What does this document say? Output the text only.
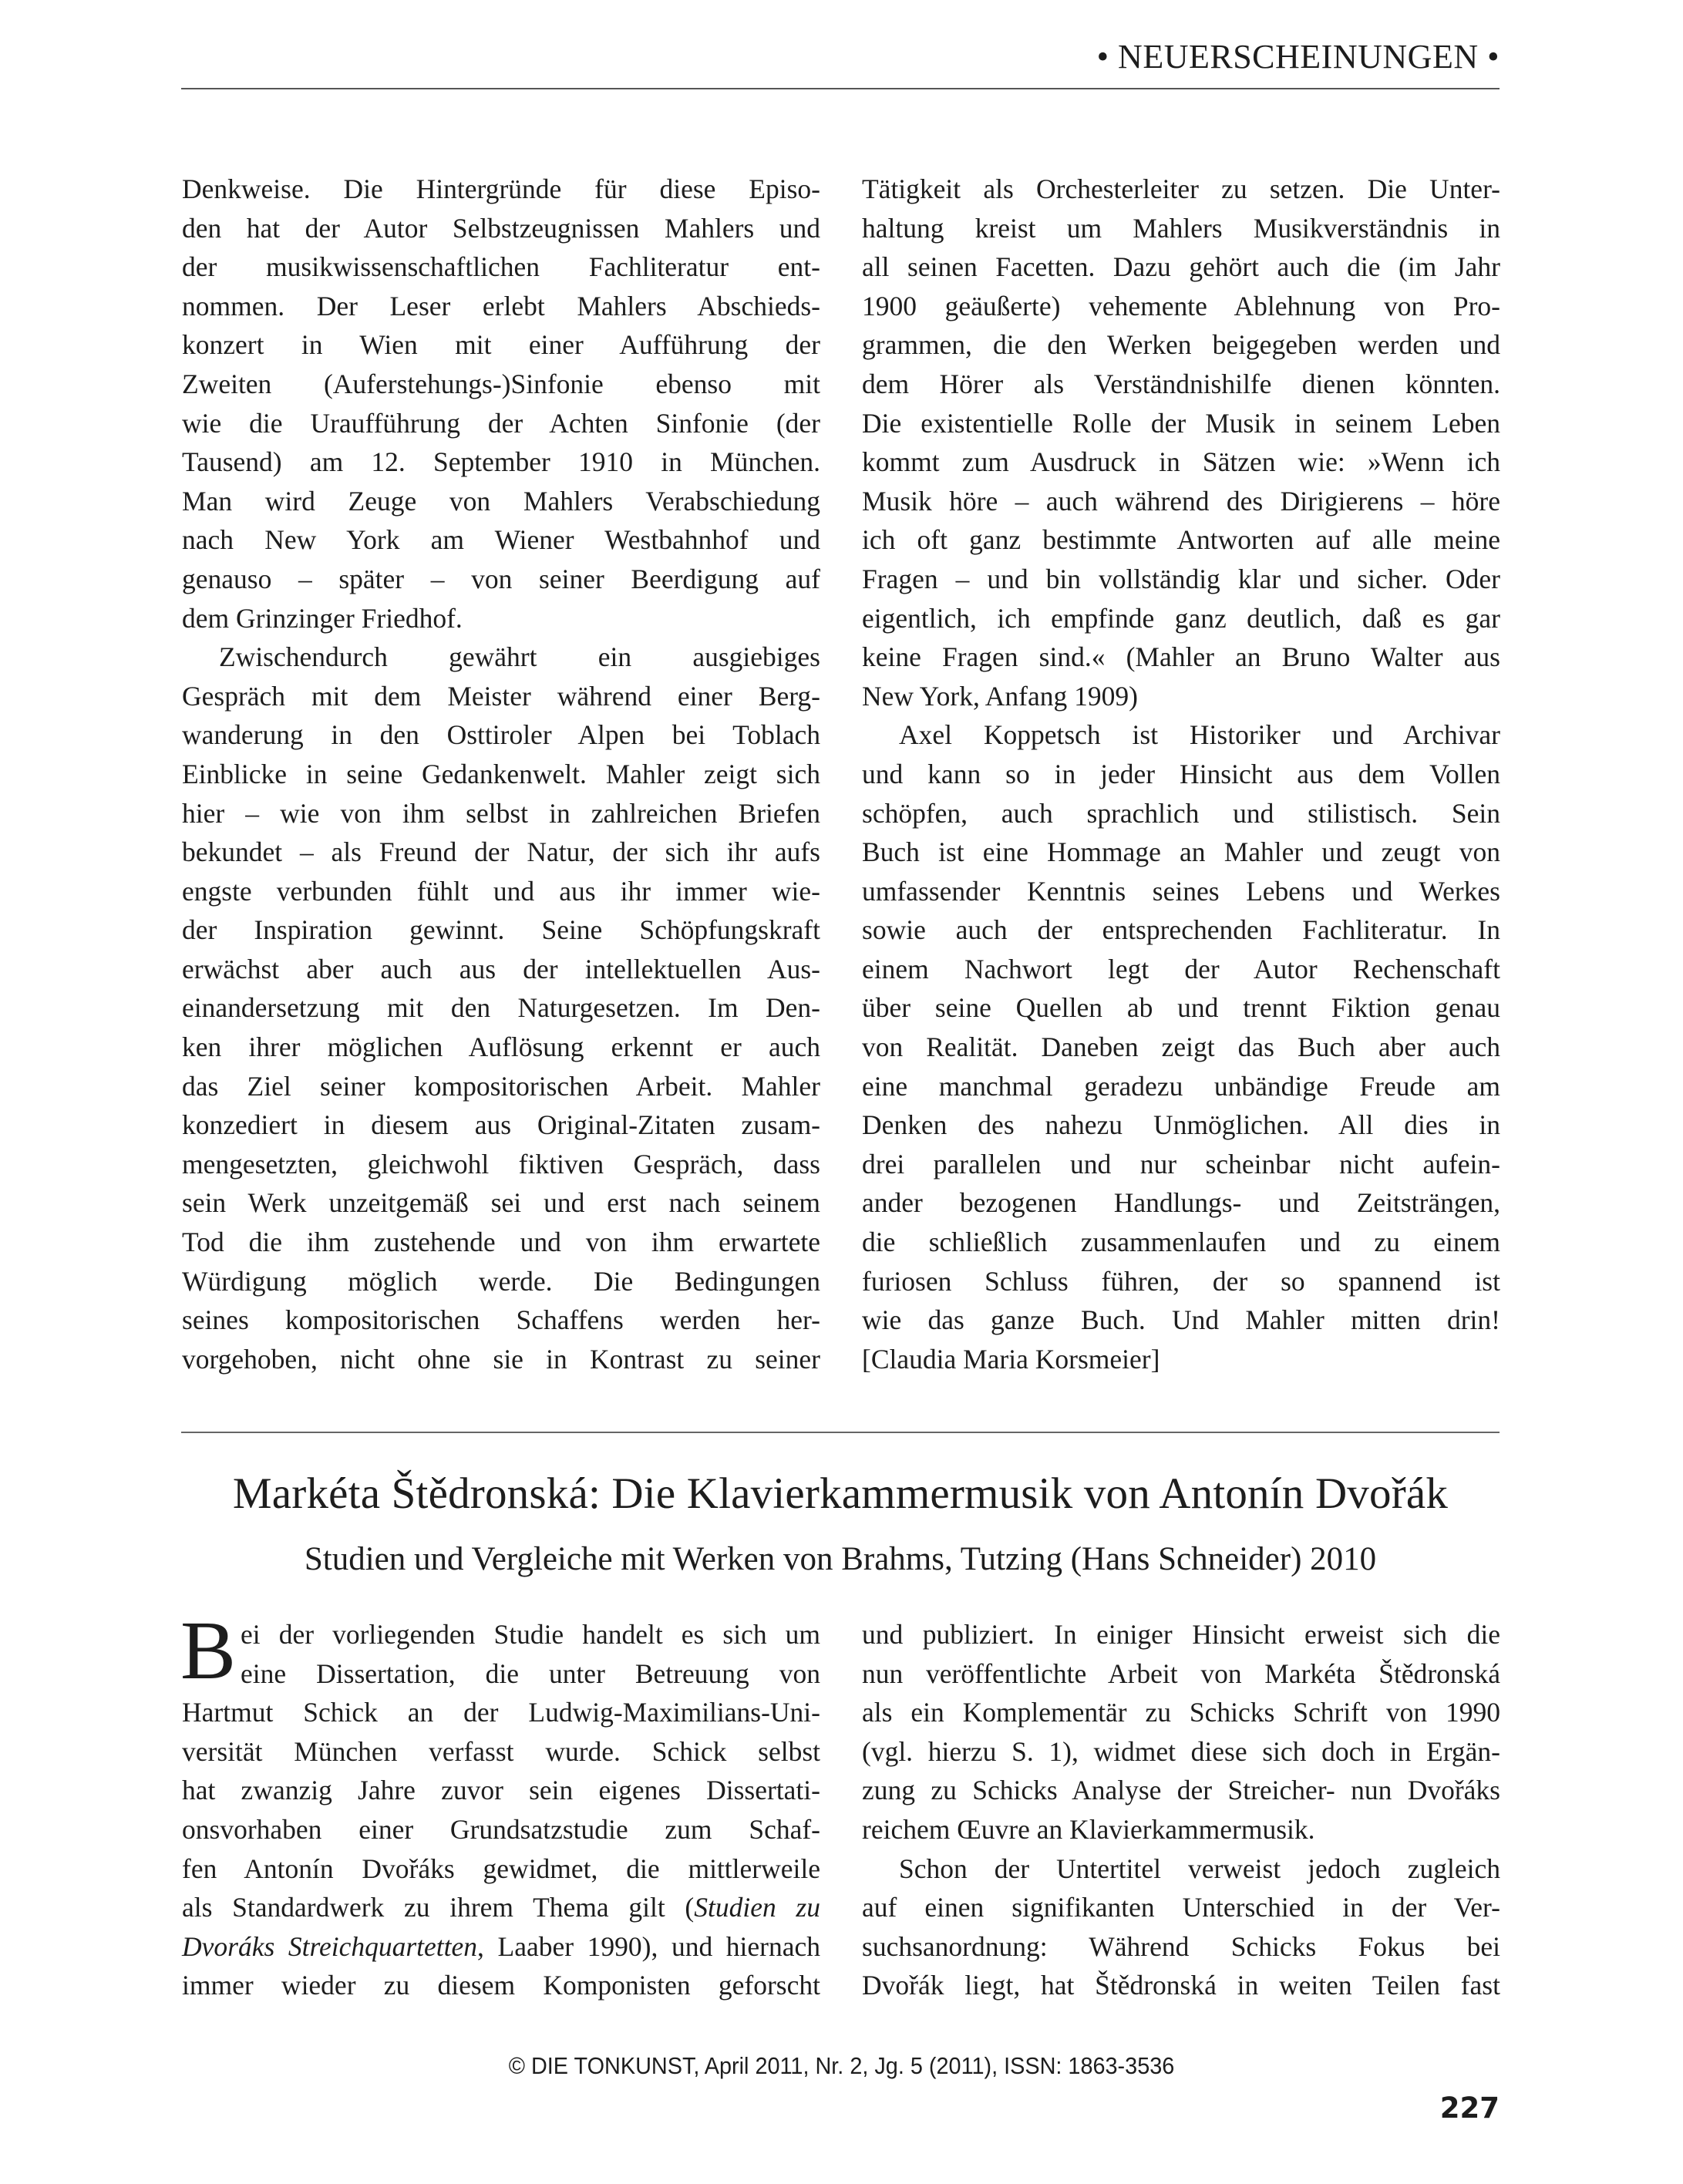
• NEUERSCHEINUNGEN •
Denkweise. Die Hintergründe für diese Episo-
den hat der Autor Selbstzeugnissen Mahlers und
der musikwissenschaftlichen Fachliteratur ent-
nommen. Der Leser erlebt Mahlers Abschieds-
konzert in Wien mit einer Aufführung der
Zweiten (Auferstehungs-)Sinfonie ebenso mit
wie die Uraufführung der Achten Sinfonie (der
Tausend) am 12. September 1910 in München.
Man wird Zeuge von Mahlers Verabschiedung
nach New York am Wiener Westbahnhof und
genauso – später – von seiner Beerdigung auf
dem Grinzinger Friedhof.
Zwischendurch gewährt ein ausgiebiges
Gespräch mit dem Meister während einer Berg-
wanderung in den Osttiroler Alpen bei Toblach
Einblicke in seine Gedankenwelt. Mahler zeigt sich
hier – wie von ihm selbst in zahlreichen Briefen
bekundet – als Freund der Natur, der sich ihr aufs
engste verbunden fühlt und aus ihr immer wie-
der Inspiration gewinnt. Seine Schöpfungskraft
erwächst aber auch aus der intellektuellen Aus-
einandersetzung mit den Naturgesetzen. Im Den-
ken ihrer möglichen Auflösung erkennt er auch
das Ziel seiner kompositorischen Arbeit. Mahler
konzediert in diesem aus Original-Zitaten zusam-
mengesetzten, gleichwohl fiktiven Gespräch, dass
sein Werk unzeitgemäß sei und erst nach seinem
Tod die ihm zustehende und von ihm erwartete
Würdigung möglich werde. Die Bedingungen
seines kompositorischen Schaffens werden her-
vorgehoben, nicht ohne sie in Kontrast zu seiner
Tätigkeit als Orchesterleiter zu setzen. Die Unter-
haltung kreist um Mahlers Musikverständnis in
all seinen Facetten. Dazu gehört auch die (im Jahr
1900 geäußerte) vehemente Ablehnung von Pro-
grammen, die den Werken beigegeben werden und
dem Hörer als Verständnishilfe dienen könnten.
Die existentielle Rolle der Musik in seinem Leben
kommt zum Ausdruck in Sätzen wie: »Wenn ich
Musik höre – auch während des Dirigierens – höre
ich oft ganz bestimmte Antworten auf alle meine
Fragen – und bin vollständig klar und sicher. Oder
eigentlich, ich empfinde ganz deutlich, daß es gar
keine Fragen sind.« (Mahler an Bruno Walter aus
New York, Anfang 1909)
Axel Koppetsch ist Historiker und Archivar
und kann so in jeder Hinsicht aus dem Vollen
schöpfen, auch sprachlich und stilistisch. Sein
Buch ist eine Hommage an Mahler und zeugt von
umfassender Kenntnis seines Lebens und Werkes
sowie auch der entsprechenden Fachliteratur. In
einem Nachwort legt der Autor Rechenschaft
über seine Quellen ab und trennt Fiktion genau
von Realität. Daneben zeigt das Buch aber auch
eine manchmal geradezu unbändige Freude am
Denken des nahezu Unmöglichen. All dies in
drei parallelen und nur scheinbar nicht aufein-
ander bezogenen Handlungs- und Zeitsträngen,
die schließlich zusammenlaufen und zu einem
furiosen Schluss führen, der so spannend ist
wie das ganze Buch. Und Mahler mitten drin!
[Claudia Maria Korsmeier]
Markéta Štědronská: Die Klavierkammermusik von Antonín Dvořák
Studien und Vergleiche mit Werken von Brahms, Tutzing (Hans Schneider) 2010
B ei der vorliegenden Studie handelt es sich um
eine Dissertation, die unter Betreuung von
Hartmut Schick an der Ludwig-Maximilians-Uni-
versität München verfasst wurde. Schick selbst
hat zwanzig Jahre zuvor sein eigenes Dissertati-
onsvorhaben einer Grundsatzstudie zum Schaf-
fen Antonín Dvořáks gewidmet, die mittlerweile
als Standardwerk zu ihrem Thema gilt (Studien zu
Dvoráks Streichquartetten, Laaber 1990), und hiernach
immer wieder zu diesem Komponisten geforscht
und publiziert. In einiger Hinsicht erweist sich die
nun veröffentlichte Arbeit von Markéta Štědronská
als ein Komplementär zu Schicks Schrift von 1990
(vgl. hierzu S. 1), widmet diese sich doch in Ergän-
zung zu Schicks Analyse der Streicher- nun Dvořáks
reichem Œuvre an Klavierkammermusik.
Schon der Untertitel verweist jedoch zugleich
auf einen signifikanten Unterschied in der Ver-
suchsanordnung: Während Schicks Fokus bei
Dvořák liegt, hat Štědronská in weiten Teilen fast
© DIE TONKUNST, April 2011, Nr. 2, Jg. 5 (2011), ISSN: 1863-3536
227
